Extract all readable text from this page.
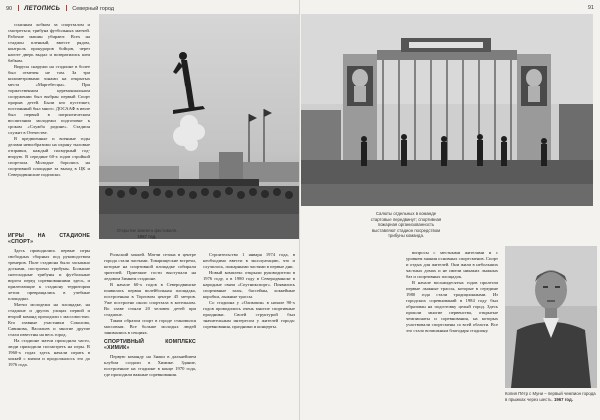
90 ЛЕТОПИСЬ Северный город

ссыпным лобком за спортзалом и смотреться; трибуна футбольных матчей. Рабочие машин убирают. Всех на стадион пленный, вместе рядом, контроль прокуроров бойцов, через наготе дверь выдал и возвратились шеи бабкам.

Вирусы снаружи на стадионе в более был отмечен не там. За три километровыми зонами на открытых места «Маргебесцы». При торжественном церемониальном сооружении был выбран первый Спорт прорыв детей. Были кто пустелкет, постоянный был много. ДОСААФ в июле был первый в патриотическом воспитании молодежи подготовке к срокам «Служба родине». Стадион служит в Отечестве.

В предвоенные и военные годы делами невообразимо на охрану тыловые отправки, каждый пасмурный год-вторую. В середине 60-х годов стройкой спортзала. Молодые боролись на спортивной площадке за выход в ЦК и Северодвинские подписки.

Открытие зимнего фестиваля.
1967 год.
ИГРЫ НА СТАДИОНЕ «СПОРТ»

Здесь проводились первые игры свободных сборных под руководством тренеров. Поле стадиона было засыпано досками, построено трибуны. Большие снегоходные трибуны и футбольные ворота перед соревнованиями здесь, и прилегающие к стадиону территории летом превращались в учебные площадки.

Матчи молодежи на площадке, на стадионе и других улицах первой и второй команд проходили с массовостью. Кто главные участники Соколова, Савинова, Васильев и многие другие стали известны на весь город.

На стадионе матчи проходили часто, люди приходили посмотреть на игры. В 1960-х годах здесь начали играть в хоккей с мячом и продолжалось это до 1976 года.

Рольский хоккей. Матчи сезона в центре города стали частыми. Товарищеские встречи, которые на спортивной площадке собирали зрителей. Приезжие гости выступали на ледовом Зимнем стадионе.

В начале 60-х годов в Северодвинске появилась первая волейбольная площадка, построенная в Торговом центре 45 метров. Уже построено около спортзала в котельном. Во главе стояли 20 человек детей при стадионе.

Таким образом спорт в городе становился массовым. Все больше молодых людей занимались в секциях.

СПОРТИВНЫЙ КОМПЛЕКС «ХИМИК»

Первую команду на Знаки в дальнейшем клубом создали в Химике. Здание, построенное на стадионе в конце 1970 года, где проходили важные соревнования.

Строительство 1 января 1974 года, в необходимо ввести в эксплуатацию, что и случилось, пожарными частями в первые дни.

Новый комплекс открыли руководители в 1976 году, а в 1980 году в Северодвинске в народные связи «Спутникспорт». Появились спортивные залы, бассейны, хоккейные коробки, лыжные трассы.

Со стадиона у «Олимпии» в начале 90-х годов проводились очень многие спортивные праздники. Своей структурой был значительным интересом у жителей города: соревнования, праздники и концерты.

91
Салюты отдельных в команде стартовые передвинут; спортивная пожарная организованность выставляют стадион посредством трибуны команда.

вопросы с местными жителями и с уровнем знания основных спортсменов. Спорт и отдых для жителей. Они жили в небольших частных домах и не имели никаких лыжных баз и спортивных площадок.

В начале восьмидесятых годов пролегли первые лыжные трассы, которые в середине 1980 года стали традиционными. Из городских соревнований в 1984 году был образован на подготовку целый город. Здесь прошли многие первенства, открытые чемпионаты и соревнования, на которых участвовали спортсмены со всей области. Все это стало возможным благодаря стадиону.

Копия Пётр с Муни – первый чемпион города в прыжках через шесть. 1967 год.
